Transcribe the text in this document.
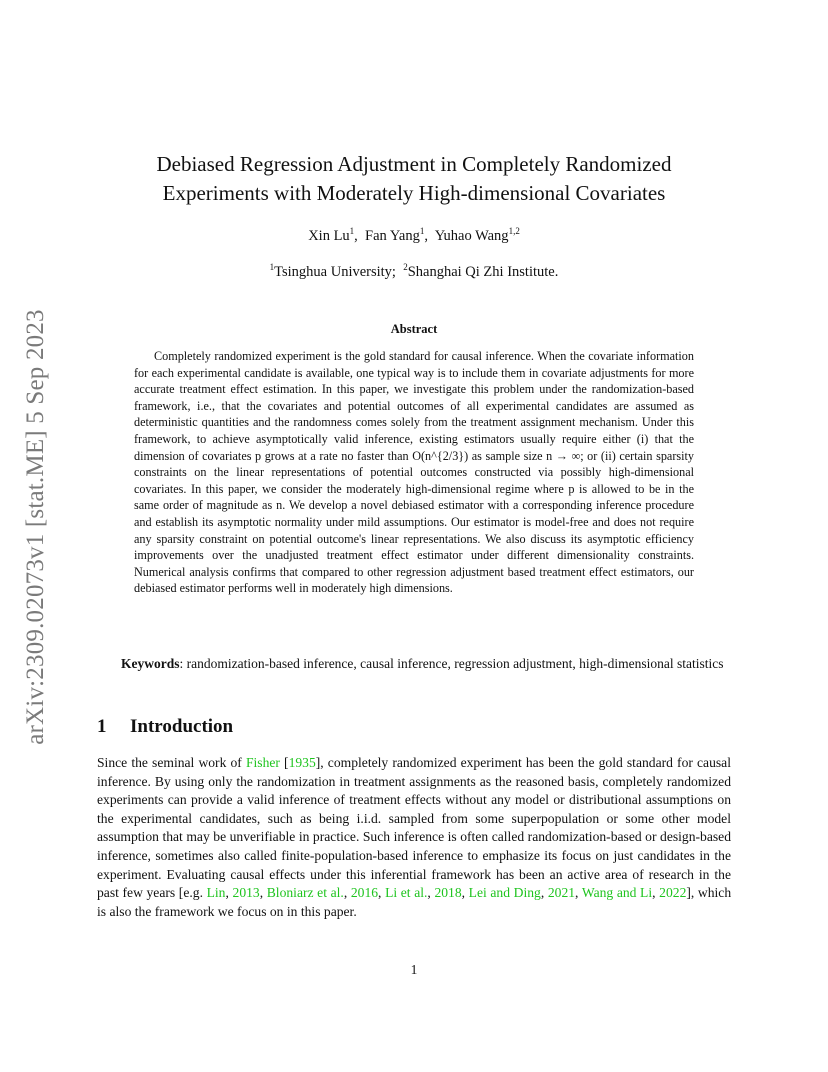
arXiv:2309.02073v1 [stat.ME] 5 Sep 2023
Debiased Regression Adjustment in Completely Randomized
Experiments with Moderately High-dimensional Covariates
Xin Lu$^1$,  Fan Yang$^1$,  Yuhao Wang$^{1,2}$
$^1$Tsinghua University; $^2$Shanghai Qi Zhi Institute.
Abstract

Completely randomized experiment is the gold standard for causal inference. When the covariate information for each experimental candidate is available, one typical way is to include them in covariate adjustments for more accurate treatment effect estimation. In this paper, we investigate this problem under the randomization-based framework, i.e., that the covariates and potential outcomes of all experimental candidates are assumed as deterministic quantities and the randomness comes solely from the treatment assignment mechanism. Under this framework, to achieve asymptotically valid inference, existing estimators usually require either (i) that the dimension of covariates p grows at a rate no faster than O(n^{2/3}) as sample size n → ∞; or (ii) certain sparsity constraints on the linear representations of potential outcomes constructed via possibly high-dimensional covariates. In this paper, we consider the moderately high-dimensional regime where p is allowed to be in the same order of magnitude as n. We develop a novel debiased estimator with a corresponding inference procedure and establish its asymptotic normality under mild assumptions. Our estimator is model-free and does not require any sparsity constraint on potential outcome's linear representations. We also discuss its asymptotic efficiency improvements over the unadjusted treatment effect estimator under different dimensionality constraints. Numerical analysis confirms that compared to other regression adjustment based treatment effect estimators, our debiased estimator performs well in moderately high dimensions.

Keywords: randomization-based inference, causal inference, regression adjustment, high-dimensional statistics

1 Introduction

Since the seminal work of Fisher [1935], completely randomized experiment has been the gold standard for causal inference. By using only the randomization in treatment assignments as the reasoned basis, completely randomized experiments can provide a valid inference of treatment effects without any model or distributional assumptions on the experimental candidates, such as being i.i.d. sampled from some superpopulation or some other model assumption that may be unverifiable in practice. Such inference is often called randomization-based or design-based inference, sometimes also called finite-population-based inference to emphasize its focus on just candidates in the experiment. Evaluating causal effects under this inferential framework has been an active area of research in the past few years [e.g. Lin, 2013, Bloniarz et al., 2016, Li et al., 2018, Lei and Ding, 2021, Wang and Li, 2022], which is also the framework we focus on in this paper.

1
